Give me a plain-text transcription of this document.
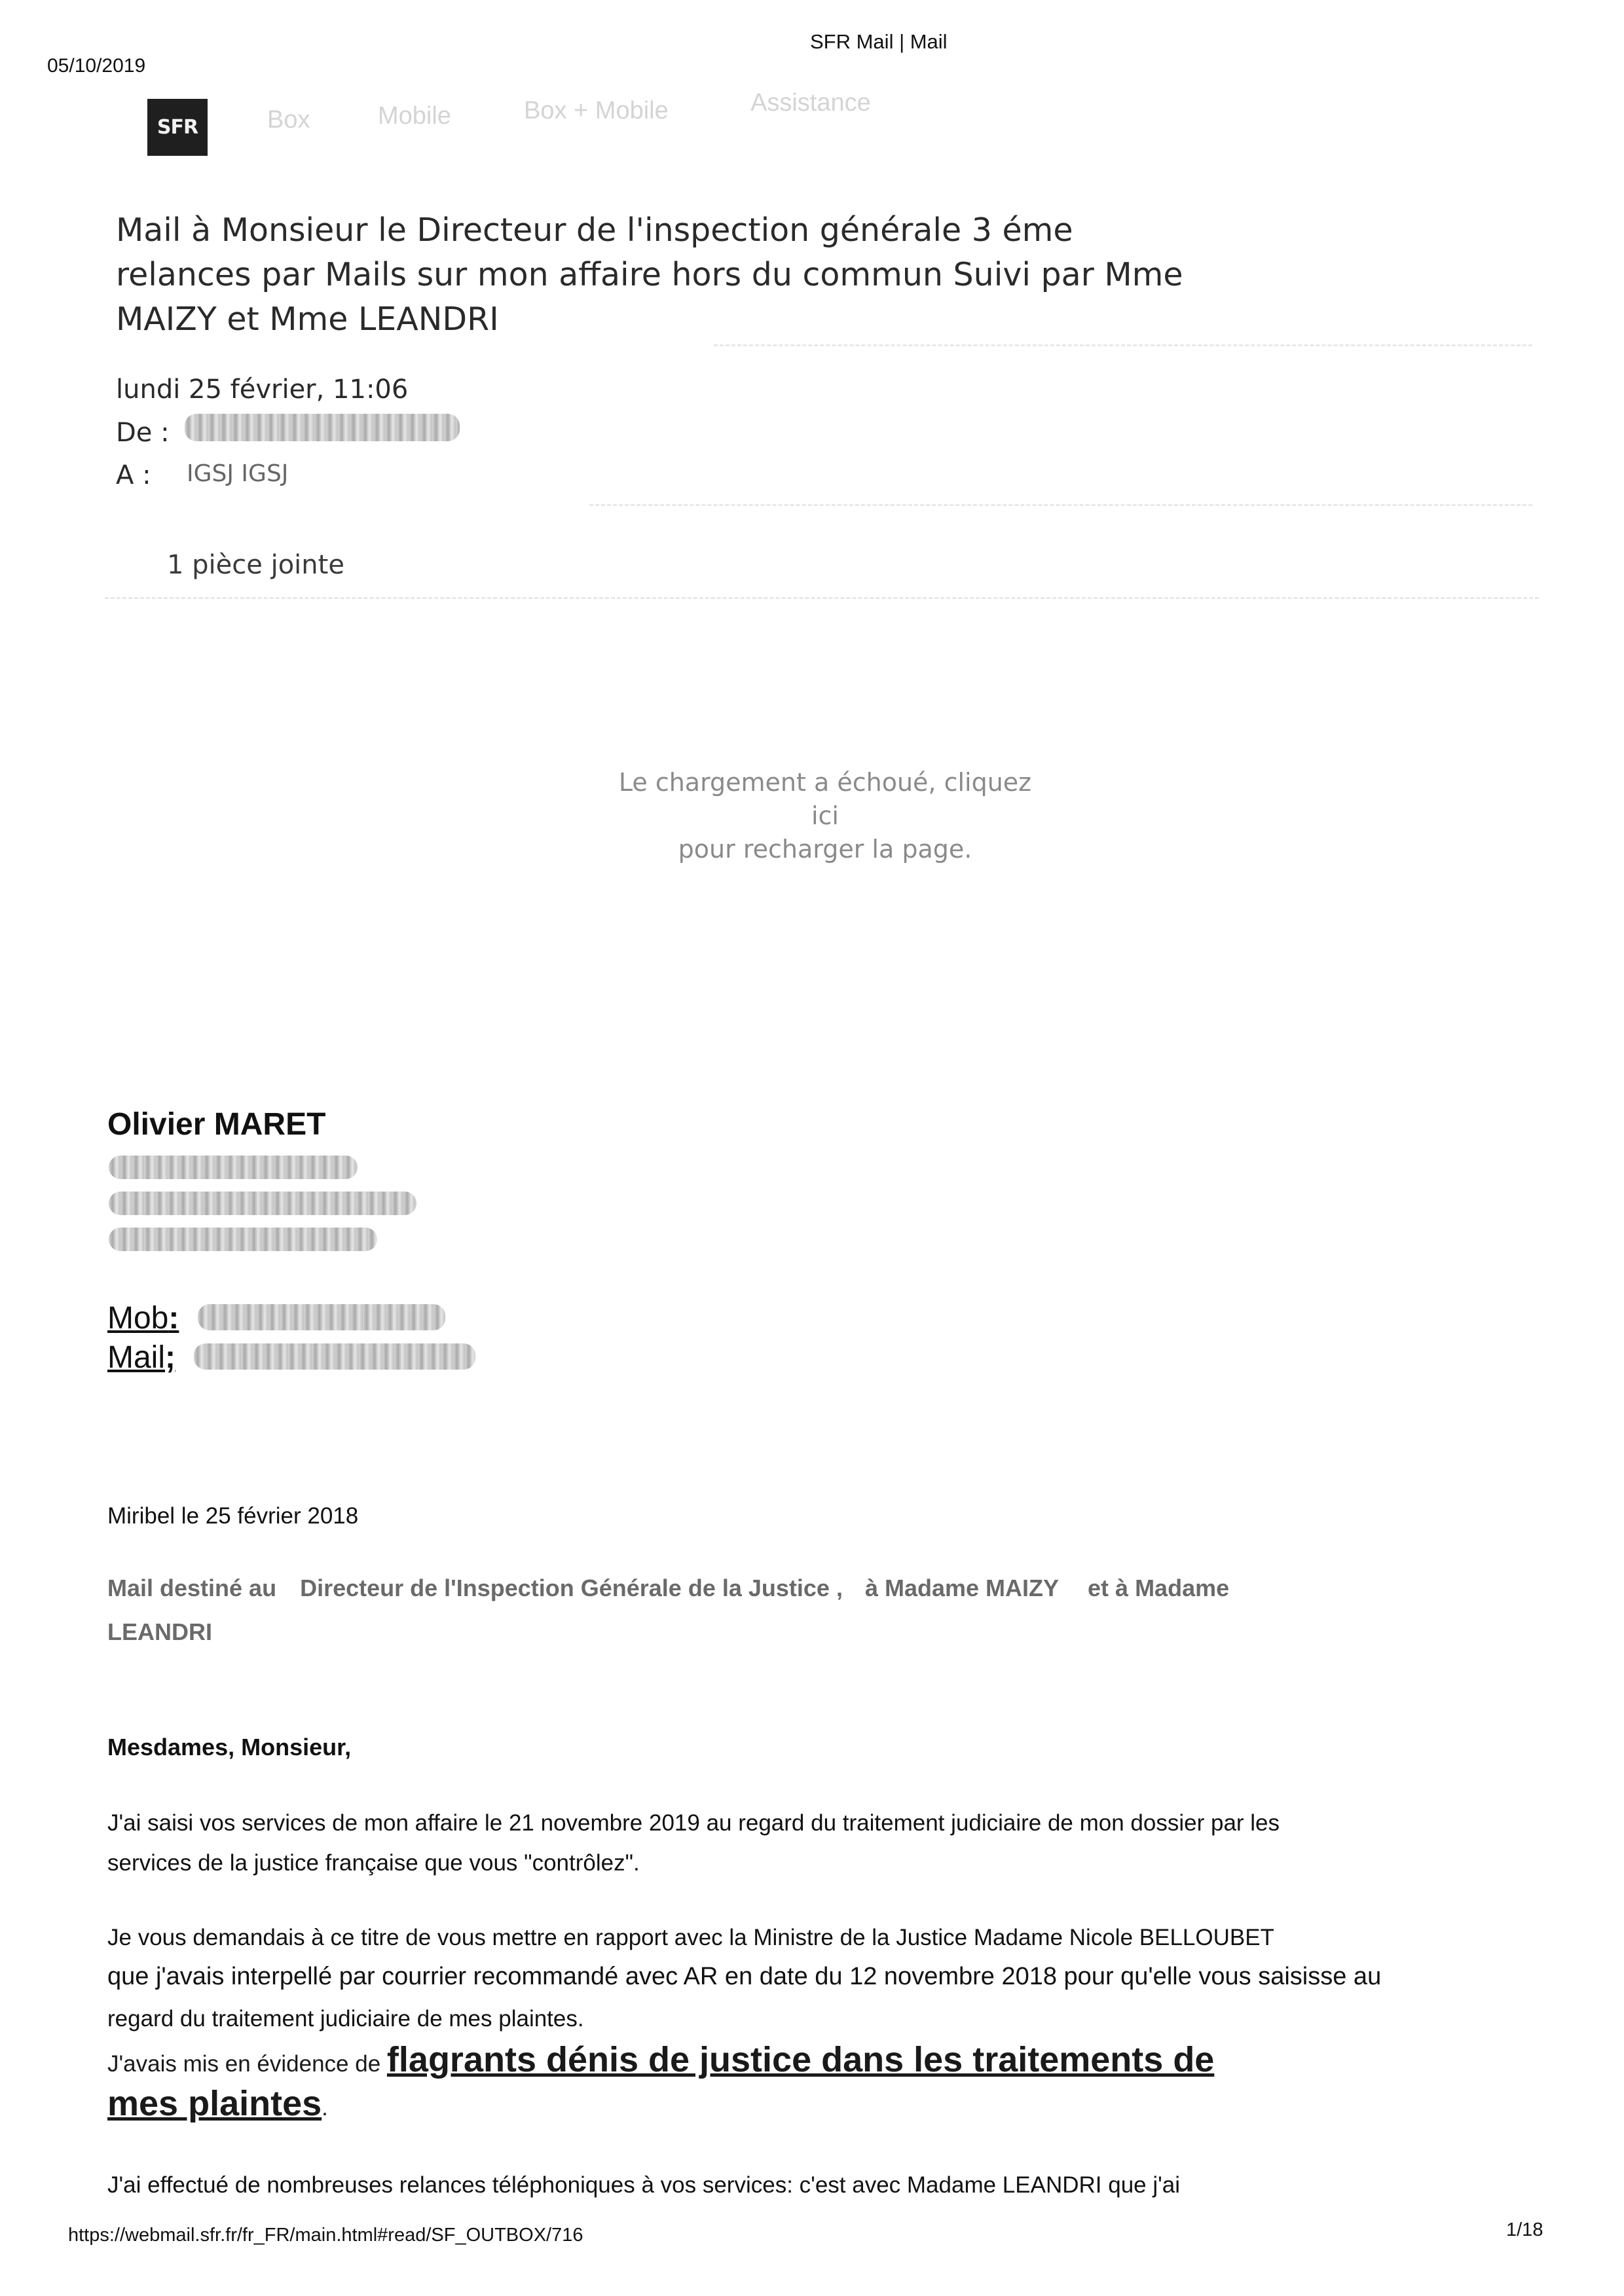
05/10/2019
SFR Mail | Mail
https://webmail.sfr.fr/fr_FR/main.html#read/SF_OUTBOX/716	1/18
SFR	Box	Mobile	Box + Mobile	Assistance
Mail à Monsieur le Directeur de l'inspection générale 3 éme
relances par Mails sur mon affaire hors du commun Suivi par Mme
MAIZY et Mme LEANDRI
lundi 25 février, 11:06
De :
A : IGSJ IGSJ
1 pièce jointe
Le chargement a échoué, cliquez
ici
pour recharger la page.
Olivier MARET
Mob:
Mail;
Miribel le 25 février 2018
Mail destiné au Directeur de l'Inspection Générale de la Justice , à Madame MAIZY et à Madame
LEANDRI
Mesdames, Monsieur,
J'ai saisi vos services de mon affaire le 21 novembre 2019 au regard du traitement judiciaire de mon dossier par les
services de la justice française que vous "contrôlez".
Je vous demandais à ce titre de vous mettre en rapport avec la Ministre de la Justice Madame Nicole BELLOUBET
que j'avais interpellé par courrier recommandé avec AR en date du 12 novembre 2018 pour qu'elle vous saisisse au
regard du traitement judiciaire de mes plaintes.
J'avais mis en évidence de flagrants dénis de justice dans les traitements de
mes plaintes.
J'ai effectué de nombreuses relances téléphoniques à vos services: c'est avec Madame LEANDRI que j'ai
